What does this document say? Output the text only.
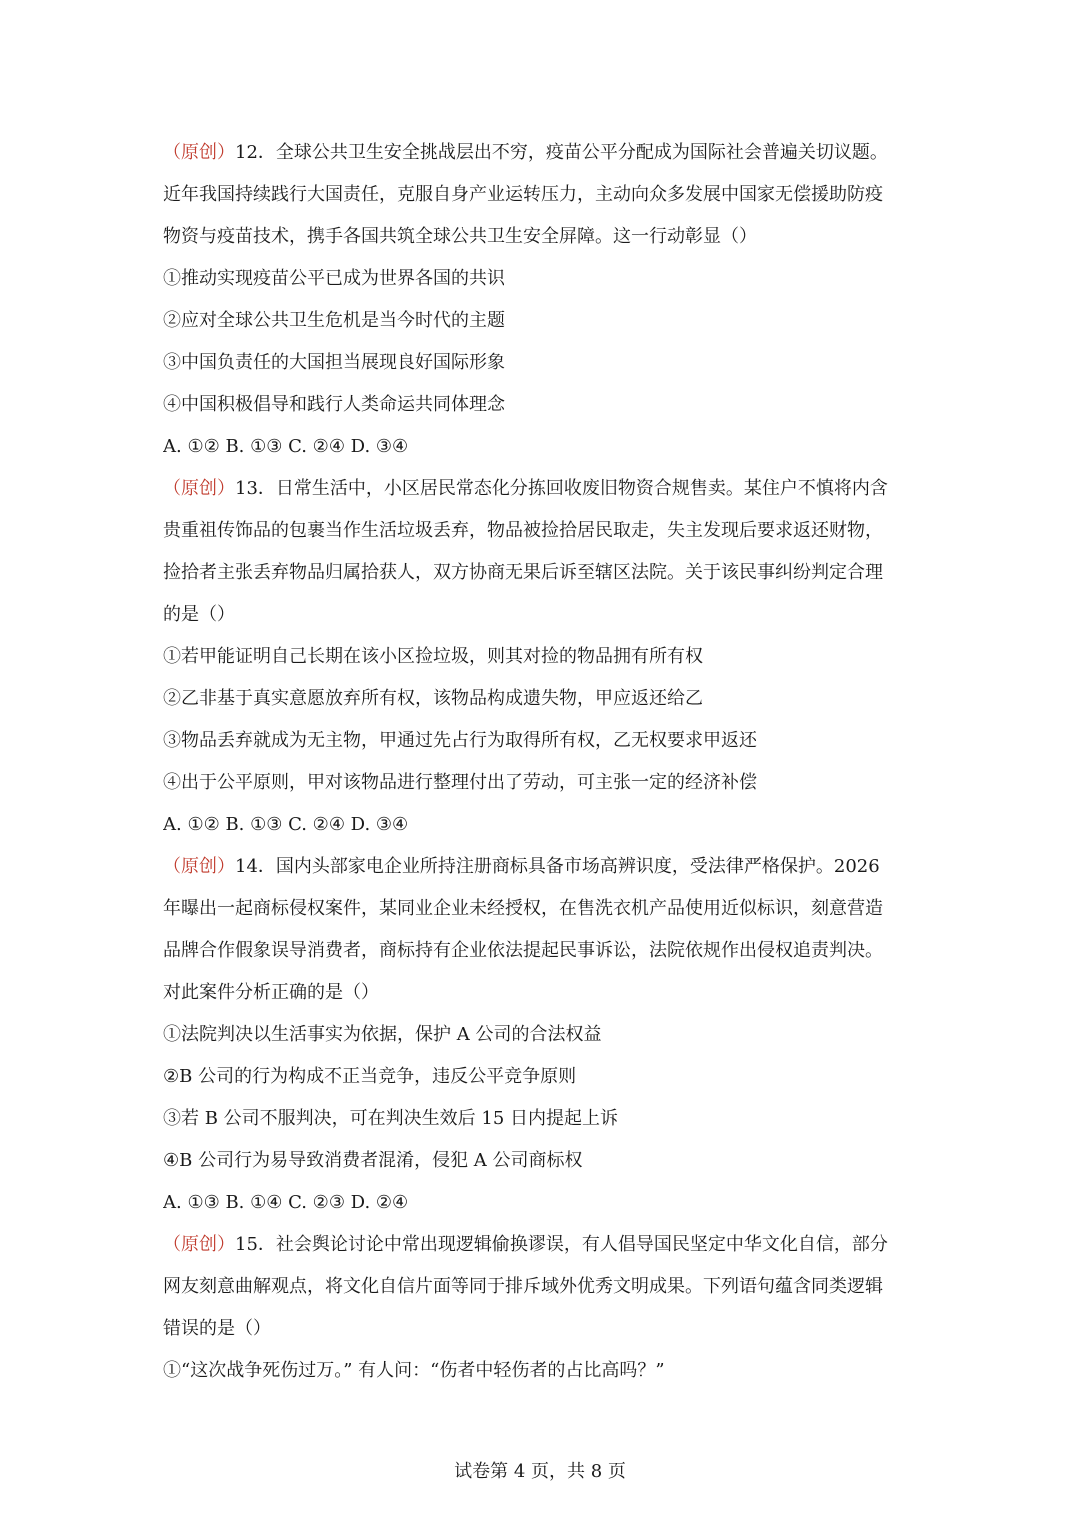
（原创）12．全球公共卫生安全挑战层出不穷，疫苗公平分配成为国际社会普遍关切议题。
近年我国持续践行大国责任，克服自身产业运转压力，主动向众多发展中国家无偿援助防疫
物资与疫苗技术，携手各国共筑全球公共卫生安全屏障。这一行动彰显（）
①推动实现疫苗公平已成为世界各国的共识
②应对全球公共卫生危机是当今时代的主题
③中国负责任的大国担当展现良好国际形象
④中国积极倡导和践行人类命运共同体理念
A. ①② B. ①③ C. ②④ D. ③④
（原创）13．日常生活中，小区居民常态化分拣回收废旧物资合规售卖。某住户不慎将内含
贵重祖传饰品的包裹当作生活垃圾丢弃，物品被捡拾居民取走，失主发现后要求返还财物，
捡拾者主张丢弃物品归属拾获人，双方协商无果后诉至辖区法院。关于该民事纠纷判定合理
的是（）
①若甲能证明自己长期在该小区捡垃圾，则其对捡的物品拥有所有权
②乙非基于真实意愿放弃所有权，该物品构成遗失物，甲应返还给乙
③物品丢弃就成为无主物，甲通过先占行为取得所有权，乙无权要求甲返还
④出于公平原则，甲对该物品进行整理付出了劳动，可主张一定的经济补偿
A. ①② B. ①③ C. ②④ D. ③④
（原创）14．国内头部家电企业所持注册商标具备市场高辨识度，受法律严格保护。2026
年曝出一起商标侵权案件，某同业企业未经授权，在售洗衣机产品使用近似标识，刻意营造
品牌合作假象误导消费者，商标持有企业依法提起民事诉讼，法院依规作出侵权追责判决。
对此案件分析正确的是（）
①法院判决以生活事实为依据，保护 A 公司的合法权益
②B 公司的行为构成不正当竞争，违反公平竞争原则
③若 B 公司不服判决，可在判决生效后 15 日内提起上诉
④B 公司行为易导致消费者混淆，侵犯 A 公司商标权
A. ①③ B. ①④ C. ②③ D. ②④
（原创）15．社会舆论讨论中常出现逻辑偷换谬误，有人倡导国民坚定中华文化自信，部分
网友刻意曲解观点，将文化自信片面等同于排斥域外优秀文明成果。下列语句蕴含同类逻辑
错误的是（）
①“这次战争死伤过万。” 有人问：“伤者中轻伤者的占比高吗？”
试卷第 4 页，共 8 页
